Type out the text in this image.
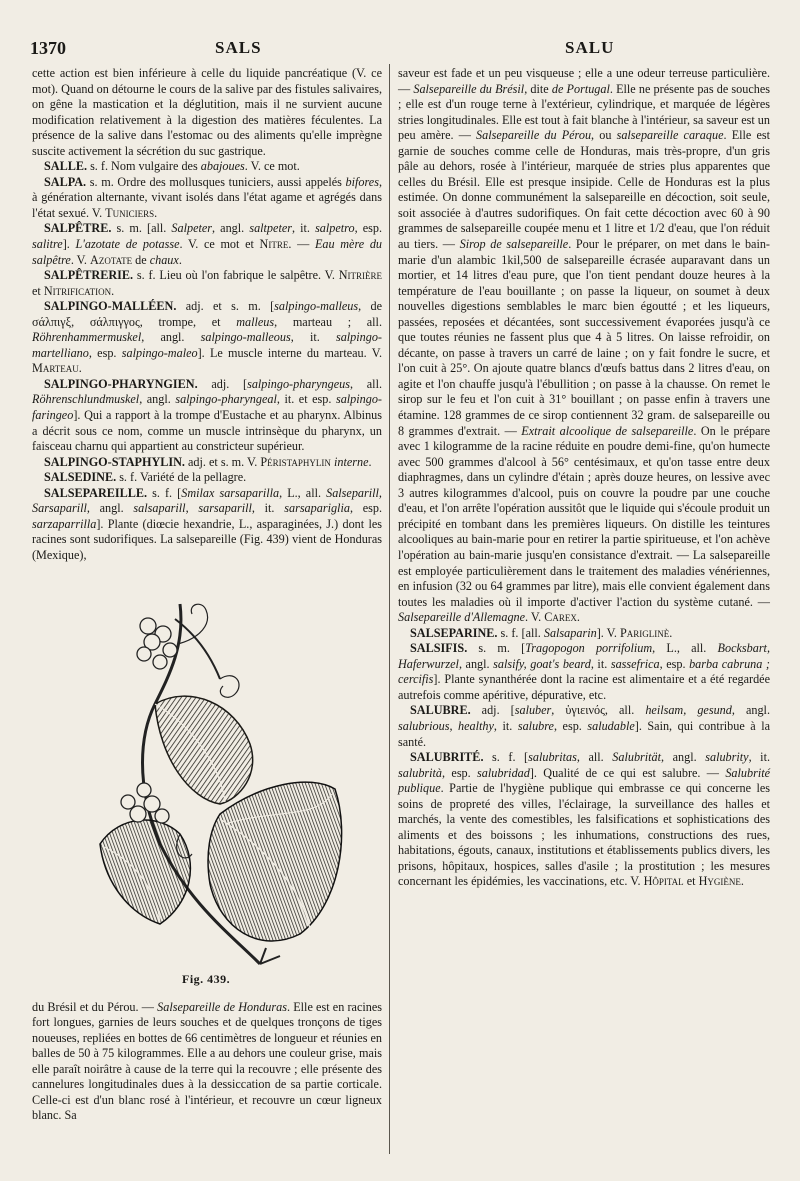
1370	SALS	SALU

cette action est bien inférieure à celle du liquide pancréatique (V. ce mot). Quand on détourne le cours de la salive par des fistules salivaires, on gêne la mastication et la déglutition, mais il ne survient aucune modification relativement à la digestion des matières féculentes. La présence de la salive dans l'estomac ou des aliments qu'elle imprègne suscite activement la sécrétion du suc gastrique.

SALLE. s. f. Nom vulgaire des abajoues. V. ce mot.

SALPA. s. m. Ordre des mollusques tuniciers, aussi appelés bifores, à génération alternante, vivant isolés dans l'état agame et agrégés dans l'état sexué. V. Tuniciers.

SALPÊTRE. s. m. [all. Salpeter, angl. saltpeter, it. salpetro, esp. salitre]. L'azotate de potasse. V. ce mot et Nitre. — Eau mère du salpêtre. V. Azotate de chaux.

SALPÊTRERIE. s. f. Lieu où l'on fabrique le salpêtre. V. Nitrière et Nitrification.

SALPINGO-MALLÉEN. adj. et s. m. [salpingo-malleus, de σάλπιγξ, σάλπιγγος, trompe, et malleus, marteau ; all. Röhrenhammermuskel, angl. salpingo-malleous, it. salpingo-martelliano, esp. salpingo-maleo]. Le muscle interne du marteau. V. Marteau.

SALPINGO-PHARYNGIEN. adj. [salpingo-pharyngeus, all. Röhrenschlundmuskel, angl. salpingo-pharyngeal, it. et esp. salpingo-faringeo]. Qui a rapport à la trompe d'Eustache et au pharynx. Albinus a décrit sous ce nom, comme un muscle intrinsèque du pharynx, un faisceau charnu qui appartient au constricteur supérieur.

SALPINGO-STAPHYLIN. adj. et s. m. V. Péristaphylin interne.

SALSEDINE. s. f. Variété de la pellagre.

SALSEPAREILLE. s. f. [Smilax sarsaparilla, L., all. Salseparill, Sarsaparill, angl. salsaparill, sarsaparill, it. sarsapariglia, esp. sarzaparrilla]. Plante (diœcie hexandrie, L., asparaginées, J.) dont les racines sont sudorifiques. La salsepareille (Fig. 439) vient de Honduras (Mexique),

Fig. 439.

du Brésil et du Pérou. — Salsepareille de Honduras. Elle est en racines fort longues, garnies de leurs souches et de quelques tronçons de tiges noueuses, repliées en bottes de 66 centimètres de longueur et réunies en balles de 50 à 75 kilogrammes. Elle a au dehors une couleur grise, mais elle paraît noirâtre à cause de la terre qui la recouvre ; elle présente des cannelures longitudinales dues à la dessiccation de sa partie corticale. Celle-ci est d'un blanc rosé à l'intérieur, et recouvre un cœur ligneux blanc. Sa

saveur est fade et un peu visqueuse ; elle a une odeur terreuse particulière. — Salsepareille du Brésil, dite de Portugal. Elle ne présente pas de souches ; elle est d'un rouge terne à l'extérieur, cylindrique, et marquée de légères stries longitudinales. Elle est tout à fait blanche à l'intérieur, sa saveur est un peu amère. — Salsepareille du Pérou, ou salsepareille caraque. Elle est garnie de souches comme celle de Honduras, mais très-propre, d'un gris pâle au dehors, rosée à l'intérieur, marquée de stries plus apparentes que celles du Brésil. Elle est presque insipide. Celle de Honduras est la plus estimée. On donne communément la salsepareille en décoction, soit seule, soit associée à d'autres sudorifiques. On fait cette décoction avec 60 à 90 grammes de salsepareille coupée menu et 1 litre et 1/2 d'eau, que l'on réduit au tiers. — Sirop de salsepareille. Pour le préparer, on met dans le bain-marie d'un alambic 1kil,500 de salsepareille écrasée auparavant dans un mortier, et 14 litres d'eau pure, que l'on tient pendant douze heures à la température de l'eau bouillante ; on passe la liqueur, on soumet à deux nouvelles digestions semblables le marc bien égoutté ; et les liqueurs, passées, reposées et décantées, sont successivement évaporées jusqu'à ce que toutes réunies ne fassent plus que 4 à 5 litres. On laisse refroidir, on décante, on passe à travers un carré de laine ; on y fait fondre le sucre, et l'on cuit à 25°. On ajoute quatre blancs d'œufs battus dans 2 litres d'eau, on agite et l'on chauffe jusqu'à l'ébullition ; on passe à la chausse. On remet le sirop sur le feu et l'on cuit à 31° bouillant ; on passe enfin à travers une étamine. 128 grammes de ce sirop contiennent 32 gram. de salsepareille ou 8 grammes d'extrait. — Extrait alcoolique de salsepareille. On le prépare avec 1 kilogramme de la racine réduite en poudre demi-fine, qu'on humecte avec 500 grammes d'alcool à 56° centésimaux, et qu'on tasse entre deux diaphragmes, dans un cylindre d'étain ; après douze heures, on lessive avec 3 autres kilogrammes d'alcool, puis on couvre la poudre par une couche d'eau, et l'on arrête l'opération aussitôt que le liquide qui s'écoule produit un précipité en tombant dans les premières liqueurs. On distille les teintures alcooliques au bain-marie pour en retirer la partie spiritueuse, et l'on achève l'opération au bain-marie jusqu'en consistance d'extrait. — La salsepareille est employée particulièrement dans le traitement des maladies vénériennes, en infusion (32 ou 64 grammes par litre), mais elle convient également dans toutes les maladies où il importe d'activer l'action du système cutané. — Salsepareille d'Allemagne. V. Carex.

SALSEPARINE. s. f. [all. Salsaparin]. V. Pariglinè.

SALSIFIS. s. m. [Tragopogon porrifolium, L., all. Bocksbart, Haferwurzel, angl. salsify, goat's beard, it. sassefrica, esp. barba cabruna ; cercifis]. Plante synanthérée dont la racine est alimentaire et a été regardée autrefois comme apéritive, dépurative, etc.

SALUBRE. adj. [saluber, ὑγιεινός, all. heilsam, gesund, angl. salubrious, healthy, it. salubre, esp. saludable]. Sain, qui contribue à la santé.

SALUBRITÉ. s. f. [salubritas, all. Salubrität, angl. salubrity, it. salubrità, esp. salubridad]. Qualité de ce qui est salubre. — Salubrité publique. Partie de l'hygiène publique qui embrasse ce qui concerne les soins de propreté des villes, l'éclairage, la surveillance des halles et marchés, la vente des comestibles, les falsifications et sophistications des aliments et des boissons ; les inhumations, constructions des rues, habitations, égouts, canaux, institutions et établissements publics divers, les prisons, hôpitaux, hospices, salles d'asile ; la prostitution ; les mesures concernant les épidémies, les vaccinations, etc. V. Hôpital et Hygiène.
